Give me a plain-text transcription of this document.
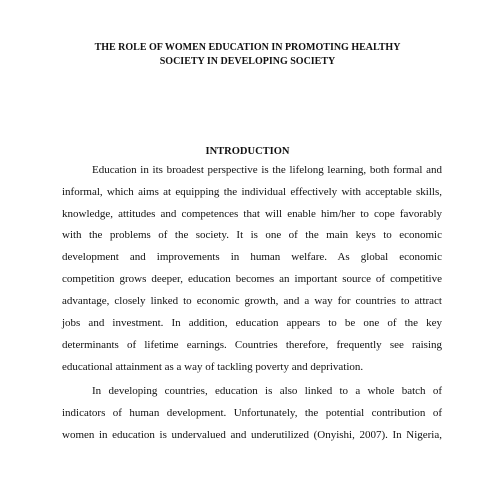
THE ROLE OF WOMEN EDUCATION IN PROMOTING HEALTHY
SOCIETY IN DEVELOPING SOCIETY
INTRODUCTION
Education in its broadest perspective is the lifelong learning, both formal and
informal, which aims at equipping the individual effectively with acceptable skills,
knowledge, attitudes and competences that will enable him/her to cope favorably
with the problems of the society. It is one of the main keys to economic
development and improvements in human welfare. As global economic
competition grows deeper, education becomes an important source of competitive
advantage, closely linked to economic growth, and a way for countries to attract
jobs and investment. In addition, education appears to be one of the key
determinants of lifetime earnings. Countries therefore, frequently see raising
educational attainment as a way of tackling poverty and deprivation.
In developing countries, education is also linked to a whole batch of
indicators of human development. Unfortunately, the potential contribution of
women in education is undervalued and underutilized (Onyishi, 2007). In Nigeria,
